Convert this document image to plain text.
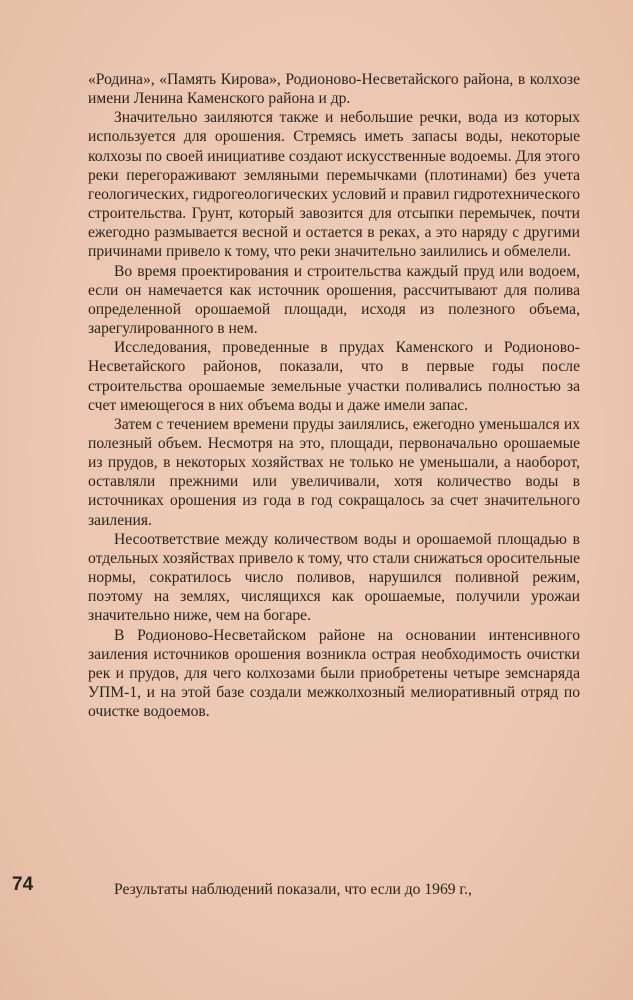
«Родина», «Память Кирова», Родионово-Несветайского района, в колхозе имени Ленина Каменского района и др.

Значительно заиляются также и небольшие речки, вода из которых используется для орошения. Стремясь иметь запасы воды, некоторые колхозы по своей инициативе создают искусственные водоемы. Для этого реки перегораживают земляными перемычками (плотинами) без учета геологических, гидрогеологических условий и правил гидротехнического строительства. Грунт, который завозится для отсыпки перемычек, почти ежегодно размывается весной и остается в реках, а это наряду с другими причинами привело к тому, что реки значительно заилились и обмелели.

Во время проектирования и строительства каждый пруд или водоем, если он намечается как источник орошения, рассчитывают для полива определенной орошаемой площади, исходя из полезного объема, зарегулированного в нем.

Исследования, проведенные в прудах Каменского и Родионово-Несветайского районов, показали, что в первые годы после строительства орошаемые земельные участки поливались полностью за счет имеющегося в них объема воды и даже имели запас.

Затем с течением времени пруды заилялись, ежегодно уменьшался их полезный объем. Несмотря на это, площади, первоначально орошаемые из прудов, в некоторых хозяйствах не только не уменьшали, а наоборот, оставляли прежними или увеличивали, хотя количество воды в источниках орошения из года в год сокращалось за счет значительного заиления.

Несоответствие между количеством воды и орошаемой площадью в отдельных хозяйствах привело к тому, что стали снижаться оросительные нормы, сократилось число поливов, нарушился поливной режим, поэтому на землях, числящихся как орошаемые, получили урожаи значительно ниже, чем на богаре.

В Родионово-Несветайском районе на основании интенсивного заиления источников орошения возникла острая необходимость очистки рек и прудов, для чего колхозами были приобретены четыре земснаряда УПМ-1, и на этой базе создали межколхозный мелиоративный отряд по очистке водоемов.

74	Результаты наблюдений показали, что если до 1969 г.,
